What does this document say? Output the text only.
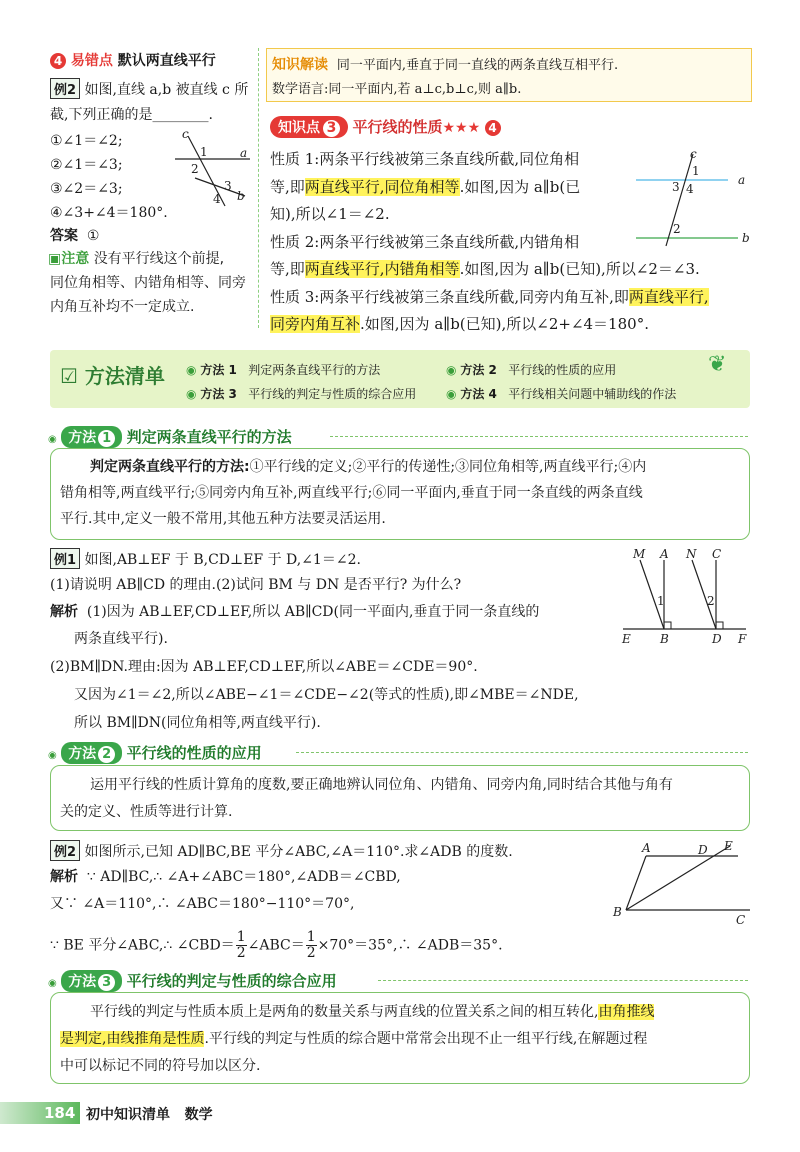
4 易错点 默认两直线平行
例2 如图,直线 a,b 被直线 c 所
截,下列正确的是________.
①∠1＝∠2;
②∠1＝∠3;
③∠2＝∠3;
④∠3+∠4＝180°.
答案 ①
▣注意 没有平行线这个前提,
同位角相等、内错角相等、同旁
内角互补均不一定成立.
c
a
b
1
2
3
4
知识解读 同一平面内,垂直于同一直线的两条直线互相平行.
数学语言:同一平面内,若 a⊥c,b⊥c,则 a∥b.
知识点 3 平行线的性质★★★ 4
性质 1:两条平行线被第三条直线所截,同位角相
等,即两直线平行,同位角相等.如图,因为 a∥b(已
知),所以∠1＝∠2.
性质 2:两条平行线被第三条直线所截,内错角相
等,即两直线平行,内错角相等.如图,因为 a∥b(已知),所以∠2＝∠3.
性质 3:两条平行线被第三条直线所截,同旁内角互补,即两直线平行,
同旁内角互补.如图,因为 a∥b(已知),所以∠2+∠4＝180°.
c
a
b
1
3 4
2
☑ 方法清单 ◉ 方法 1 判定两条直线平行的方法	◉ 方法 2 平行线的性质的应用
◉ 方法 3 平行线的判定与性质的综合应用 ◉ 方法 4 平行线相关问题中辅助线的作法
❦
◉ 方法 1 判定两条直线平行的方法
判定两条直线平行的方法:①平行线的定义;②平行的传递性;③同位角相等,两直线平行;④内
错角相等,两直线平行;⑤同旁内角互补,两直线平行;⑥同一平面内,垂直于同一条直线的两条直线
平行.其中,定义一般不常用,其他五种方法要灵活运用.
例1 如图,AB⊥EF 于 B,CD⊥EF 于 D,∠1＝∠2.
(1)请说明 AB∥CD 的理由.(2)试问 BM 与 DN 是否平行? 为什么?
解析 (1)因为 AB⊥EF,CD⊥EF,所以 AB∥CD(同一平面内,垂直于同一条直线的
两条直线平行).
(2)BM∥DN.理由:因为 AB⊥EF,CD⊥EF,所以∠ABE＝∠CDE＝90°.
又因为∠1＝∠2,所以∠ABE−∠1＝∠CDE−∠2(等式的性质),即∠MBE＝∠NDE,
所以 BM∥DN(同位角相等,两直线平行).
M A N C
E B	D F
1	2
◉ 方法 2 平行线的性质的应用
运用平行线的性质计算角的度数,要正确地辨认同位角、内错角、同旁内角,同时结合其他与角有
关的定义、性质等进行计算.
例2 如图所示,已知 AD∥BC,BE 平分∠ABC,∠A＝110°.求∠ADB 的度数.
解析 ∵ AD∥BC,∴ ∠A+∠ABC＝180°,∠ADB＝∠CBD,
又∵ ∠A＝110°,∴ ∠ABC＝180°−110°＝70°,
∵ BE 平分∠ABC,∴ ∠CBD＝ $\frac{1}{2}$ ∠ABC＝ $\frac{1}{2}$ ×70°＝35°,∴ ∠ADB＝35°.
A	D E
B
C
◉ 方法 3 平行线的判定与性质的综合应用
平行线的判定与性质本质上是两角的数量关系与两直线的位置关系之间的相互转化,由角推线
是判定,由线推角是性质.平行线的判定与性质的综合题中常常会出现不止一组平行线,在解题过程
中可以标记不同的符号加以区分.
184 初中知识清单 数学
